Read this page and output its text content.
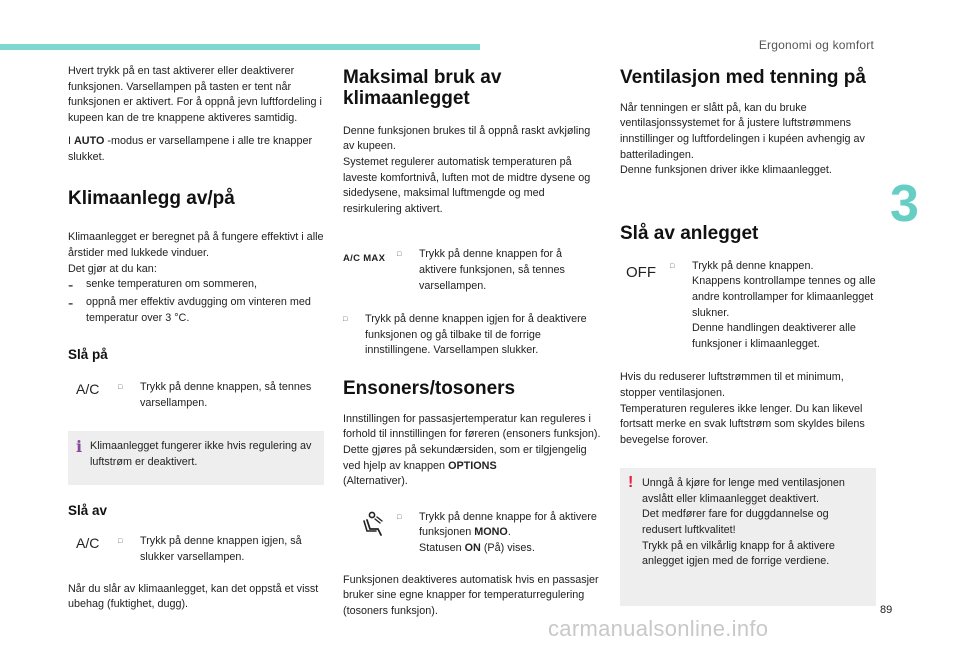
Ergonomi og komfort
3
89
carmanualsonline.info

Hvert trykk på en tast aktiverer eller deaktiverer funksjonen. Varsellampen på tasten er tent når funksjonen er aktivert. For å oppnå jevn luftfordeling i kupeen kan de tre knappene aktiveres samtidig.

I AUTO -modus er varsellampene i alle tre knapper slukket.

Klimaanlegg av/på

Klimaanlegget er beregnet på å fungere effektivt i alle årstider med lukkede vinduer.
Det gjør at du kan:

-	senke temperaturen om sommeren,

-	oppnå mer effektiv avdugging om vinteren med temperatur over 3 °C.

Slå på
A/C	□	Trykk på denne knappen, så tennes varsellampen.

i Klimaanlegget fungerer ikke hvis regulering av luftstrøm er deaktivert.

Slå av
A/C	□	Trykk på denne knappen igjen, så slukker varsellampen.

Når du slår av klimaanlegget, kan det oppstå et visst ubehag (fuktighet, dugg).

Maksimal bruk av klimaanlegget

Denne funksjonen brukes til å oppnå raskt avkjøling av kupeen.
Systemet regulerer automatisk temperaturen på laveste komfortnivå, luften mot de midtre dysene og sidedysene, maksimal luftmengde og med resirkulering aktivert.

A/C MAX	□	Trykk på denne knappen for å aktivere funksjonen, så tennes varsellampen.

□	Trykk på denne knappen igjen for å deaktivere funksjonen og gå tilbake til de forrige innstillingene. Varsellampen slukker.

Ensoners/tosoners

Innstillingen for passasjertemperatur kan reguleres i forhold til innstillingen for føreren (ensoners funksjon).
Dette gjøres på sekundærsiden, som er tilgjengelig ved hjelp av knappen OPTIONS
(Alternativer).

□	Trykk på denne knappe for å aktivere funksjonen MONO.
Statusen ON (På) vises.

Funksjonen deaktiveres automatisk hvis en passasjer bruker sine egne knapper for temperaturregulering (tosoners funksjon).

Ventilasjon med tenning på

Når tenningen er slått på, kan du bruke ventilasjonssystemet for å justere luftstrømmens innstillinger og luftfordelingen i kupéen avhengig av batteriladingen.
Denne funksjonen driver ikke klimaanlegget.

Slå av anlegget
OFF	□	Trykk på denne knappen.
Knappens kontrollampe tennes og alle andre kontrollamper for klimaanlegget slukner.
Denne handlingen deaktiverer alle funksjoner i klimaanlegget.

Hvis du reduserer luftstrømmen til et minimum, stopper ventilasjonen.
Temperaturen reguleres ikke lenger. Du kan likevel fortsatt merke en svak luftstrøm som skyldes bilens bevegelse forover.

! Unngå å kjøre for lenge med ventilasjonen avslått eller klimaanlegget deaktivert.
Det medfører fare for duggdannelse og redusert luftkvalitet!
Trykk på en vilkårlig knapp for å aktivere anlegget igjen med de forrige verdiene.
